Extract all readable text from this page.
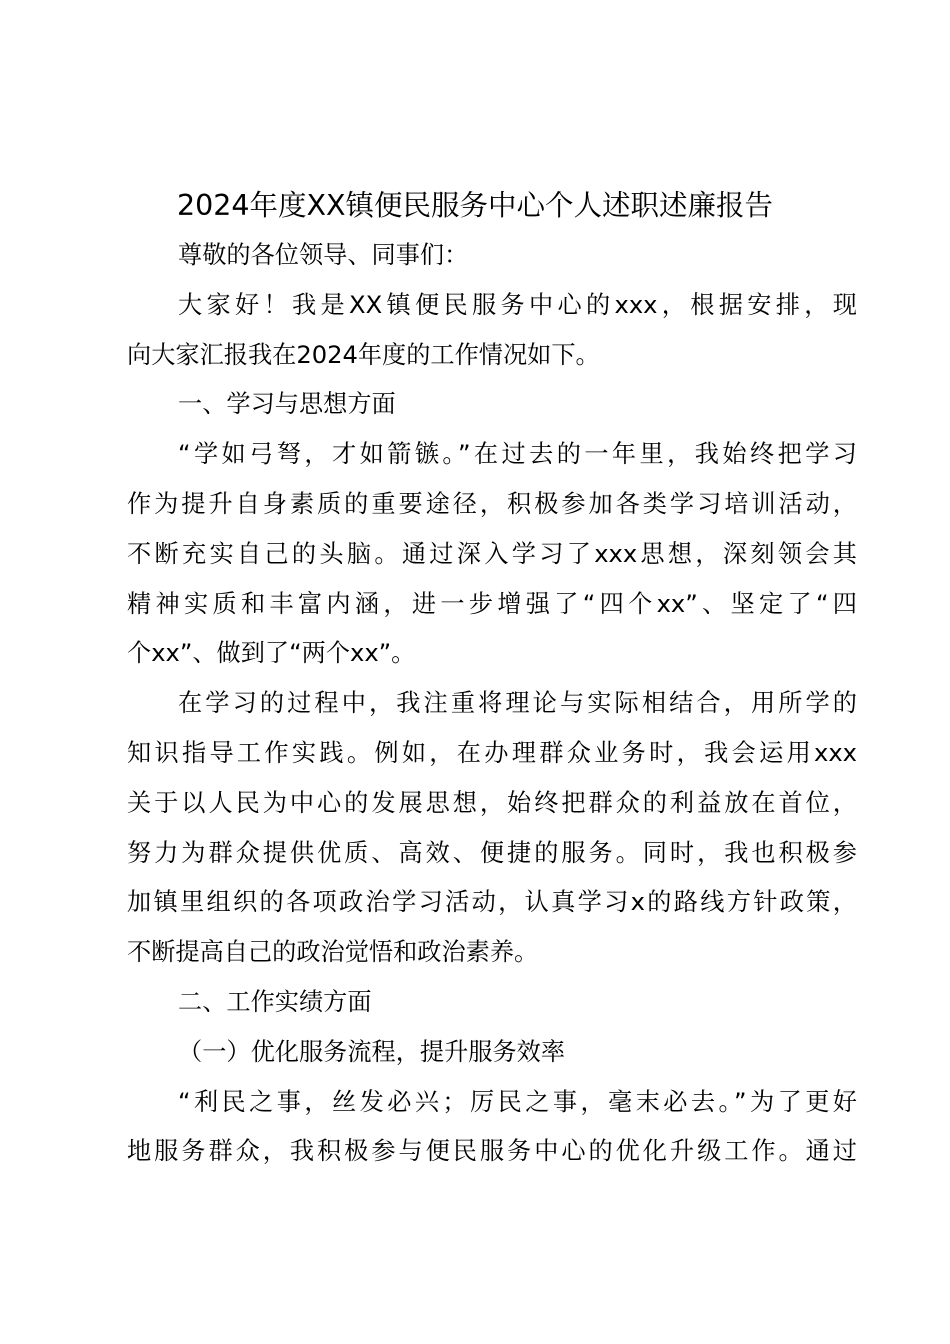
2024年度XX镇便民服务中心个人述职述廉报告

尊敬的各位领导、同事们：

大家好！我是XX镇便民服务中心的xxx，根据安排，现
向大家汇报我在2024年度的工作情况如下。

一、学习与思想方面

“学如弓弩，才如箭镞。”在过去的一年里，我始终把学习
作为提升自身素质的重要途径，积极参加各类学习培训活动，
不断充实自己的头脑。通过深入学习了xxx思想，深刻领会其
精神实质和丰富内涵，进一步增强了“四个xx”、坚定了“四
个xx”、做到了“两个xx”。

在学习的过程中，我注重将理论与实际相结合，用所学的
知识指导工作实践。例如，在办理群众业务时，我会运用xxx
关于以人民为中心的发展思想，始终把群众的利益放在首位，
努力为群众提供优质、高效、便捷的服务。同时，我也积极参
加镇里组织的各项政治学习活动，认真学习x的路线方针政策，
不断提高自己的政治觉悟和政治素养。

二、工作实绩方面

（一）优化服务流程，提升服务效率

“利民之事，丝发必兴；厉民之事，毫末必去。”为了更好
地服务群众，我积极参与便民服务中心的优化升级工作。通过
